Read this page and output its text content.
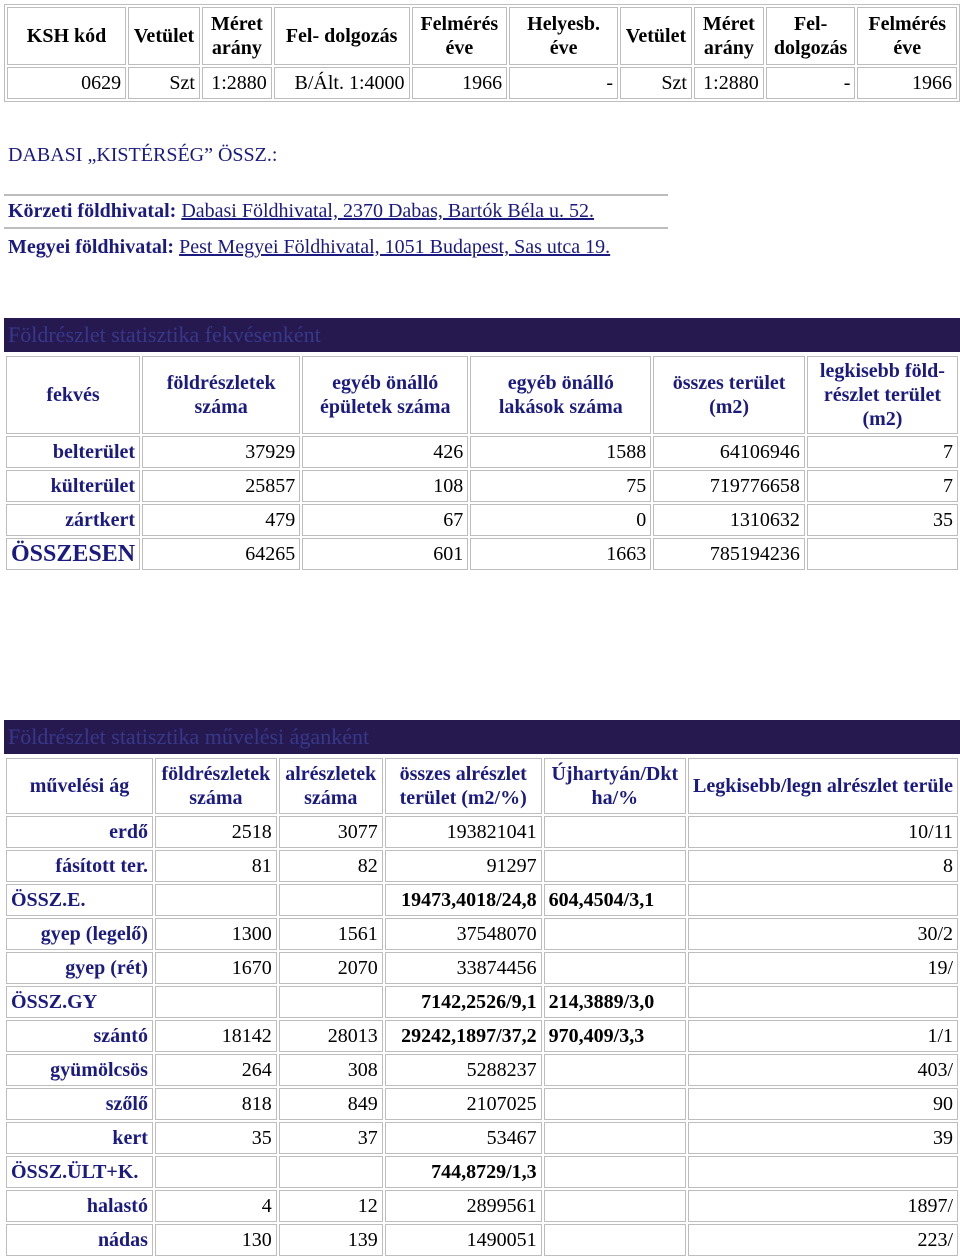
KSH kód	Vetület	Méret arány	Fel- dolgozás	Felmérés éve	Helyesb. éve	Vetület	Méret arány	Fel- dolgozás	Felmérés éve
0629	Szt	1:2880	B/Ált. 1:4000	1966	-	Szt	1:2880	-	1966
DABASI „KISTÉRSÉG” ÖSSZ.:
Körzeti földhivatal: Dabasi Földhivatal, 2370 Dabas, Bartók Béla u. 52.
Megyei földhivatal: Pest Megyei Földhivatal, 1051 Budapest, Sas utca 19.
Földrészlet statisztika fekvésenként
fekvés	földrészletek száma	egyéb önálló épületek száma	egyéb önálló lakások száma	összes terület (m2)	legkisebb föld- részlet terület (m2)
belterület	37929	426	1588	64106946	7
külterület	25857	108	75	719776658	7
zártkert	479	67	0	1310632	35
ÖSSZESEN	64265	601	1663	785194236	
Földrészlet statisztika művelési áganként
művelési ág	földrészletek száma	alrészletek száma	összes alrészlet terület (m2/%)	Újhartyán/Dkt ha/%	Legkisebb/legn alrészlet terüle
erdő	2518	3077	193821041		10/11
fásított ter.	81	82	91297		8
ÖSSZ.E.			19473,4018/24,8	604,4504/3,1	
gyep (legelő)	1300	1561	37548070		30/2
gyep (rét)	1670	2070	33874456		19/
ÖSSZ.GY			7142,2526/9,1	214,3889/3,0	
szántó	18142	28013	29242,1897/37,2	970,409/3,3	1/1
gyümölcsös	264	308	5288237		403/
szőlő	818	849	2107025		90
kert	35	37	53467		39
ÖSSZ.ÜLT+K.			744,8729/1,3		
halastó	4	12	2899561		1897/
nádas	130	139	1490051		223/
